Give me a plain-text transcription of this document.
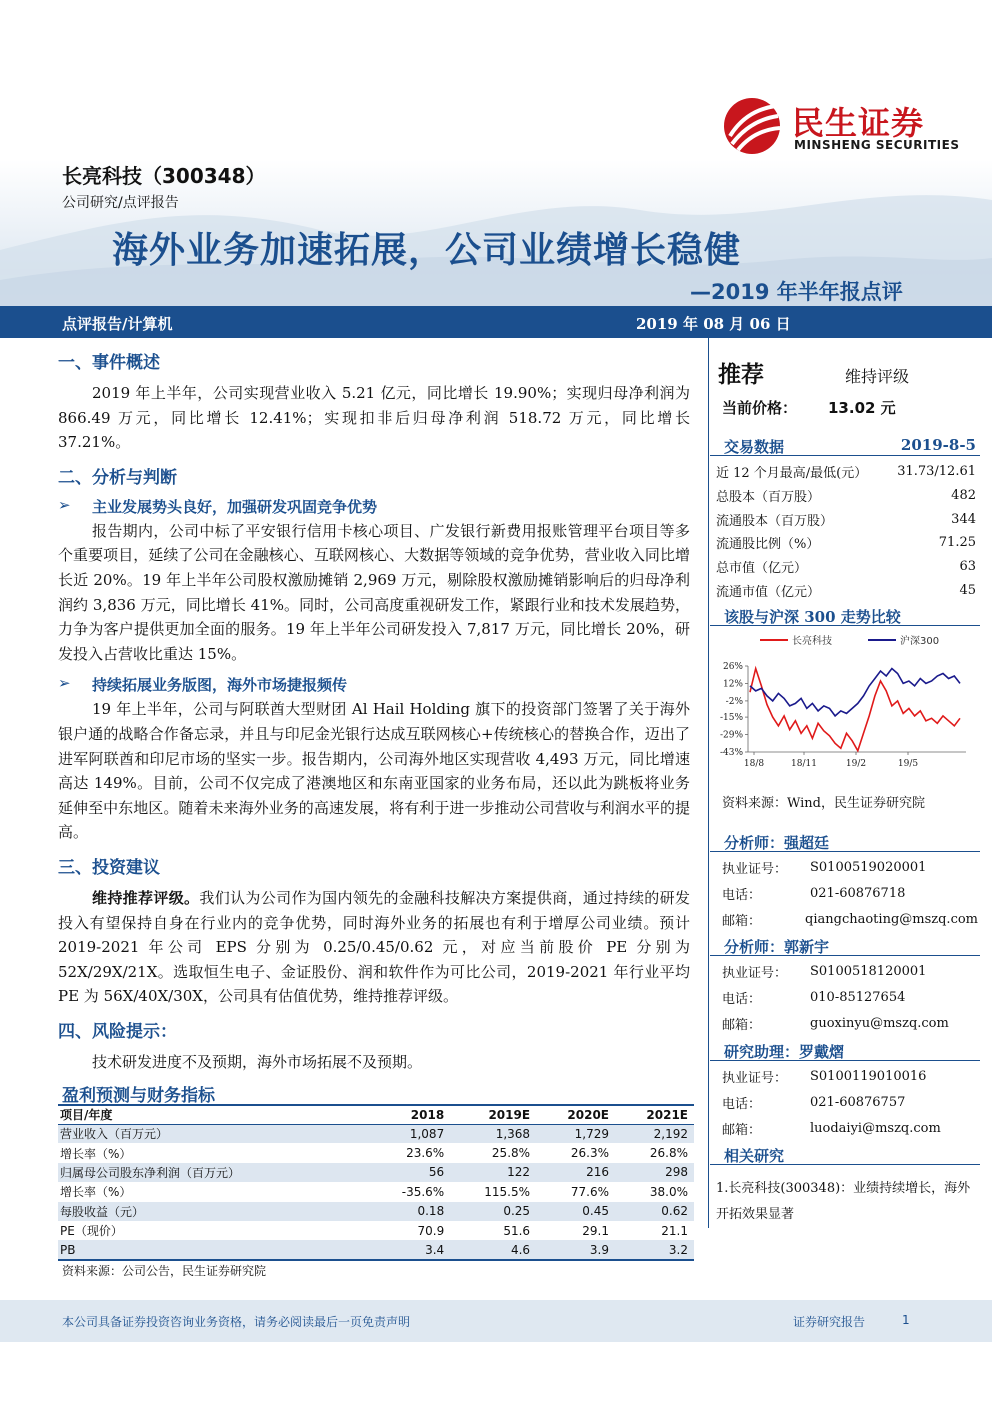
民生证券
MINSHENG SECURITIES
长亮科技（300348）
公司研究/点评报告
海外业务加速拓展，公司业绩增长稳健
—2019 年半年报点评
点评报告/计算机	2019 年 08 月 06 日
一、事件概述
2019 年上半年，公司实现营业收入 5.21 亿元，同比增长 19.90%；实现归母净利润为 866.49 万元，同比增长 12.41%；实现扣非后归母净利润 518.72 万元，同比增长 37.21%。
二、分析与判断
➢	主业发展势头良好，加强研发巩固竞争优势
报告期内，公司中标了平安银行信用卡核心项目、广发银行新费用报账管理平台项目等多个重要项目，延续了公司在金融核心、互联网核心、大数据等领域的竞争优势，营业收入同比增长近 20%。19 年上半年公司股权激励摊销 2,969 万元，剔除股权激励摊销影响后的归母净利润约 3,836 万元，同比增长 41%。同时，公司高度重视研发工作，紧跟行业和技术发展趋势，力争为客户提供更加全面的服务。19 年上半年公司研发投入 7,817 万元，同比增长 20%，研发投入占营收比重达 15%。
➢	持续拓展业务版图，海外市场捷报频传
19 年上半年，公司与阿联酋大型财团 Al Hail Holding 旗下的投资部门签署了关于海外银户通的战略合作备忘录，并且与印尼金光银行达成互联网核心+传统核心的替换合作，迈出了进军阿联酋和印尼市场的坚实一步。报告期内，公司海外地区实现营收 4,493 万元，同比增速高达 149%。目前，公司不仅完成了港澳地区和东南亚国家的业务布局，还以此为跳板将业务延伸至中东地区。随着未来海外业务的高速发展，将有利于进一步推动公司营收与利润水平的提高。
三、投资建议
维持推荐评级。我们认为公司作为国内领先的金融科技解决方案提供商，通过持续的研发投入有望保持自身在行业内的竞争优势，同时海外业务的拓展也有利于增厚公司业绩。预计 2019-2021 年公司 EPS 分别为 0.25/0.45/0.62 元，对应当前股价 PE 分别为 52X/29X/21X。选取恒生电子、金证股份、润和软件作为可比公司，2019-2021 年行业平均 PE 为 56X/40X/30X，公司具有估值优势，维持推荐评级。
四、风险提示：
技术研发进度不及预期，海外市场拓展不及预期。
盈利预测与财务指标
项目/年度	2018	2019E	2020E	2021E
营业收入（百万元）	1,087	1,368	1,729	2,192
增长率（%）	23.6%	25.8%	26.3%	26.8%
归属母公司股东净利润（百万元）	56	122	216	298
增长率（%）	-35.6%	115.5%	77.6%	38.0%
每股收益（元）	0.18	0.25	0.45	0.62
PE（现价）	70.9	51.6	29.1	21.1
PB	3.4	4.6	3.9	3.2
资料来源：公司公告，民生证券研究院
推荐	维持评级
当前价格： 13.02 元
交易数据	2019-8-5
近 12 个月最高/最低(元） 31.73/12.61
总股本（百万股）	482
流通股本（百万股）	344
流通股比例（%）	71.25
总市值（亿元）	63
流通市值（亿元）	45
该股与沪深 300 走势比较
长亮科技	沪深300
26%
12%
-2%
-15%
-29%
-43%
18/8	18/11	19/2	19/5
资料来源：Wind，民生证券研究院
分析师：强超廷
执业证号：	S0100519020001
电话：	021-60876718
邮箱：	qiangchaoting@mszq.com
分析师：郭新宇
执业证号：	S0100518120001
电话：	010-85127654
邮箱：	guoxinyu@mszq.com
研究助理：罗戴熠
执业证号：	S0100119010016
电话：	021-60876757
邮箱：	luodaiyi@mszq.com
相关研究
1.长亮科技(300348)：业绩持续增长，海外开拓效果显著
本公司具备证券投资咨询业务资格，请务必阅读最后一页免责声明	证券研究报告	1
